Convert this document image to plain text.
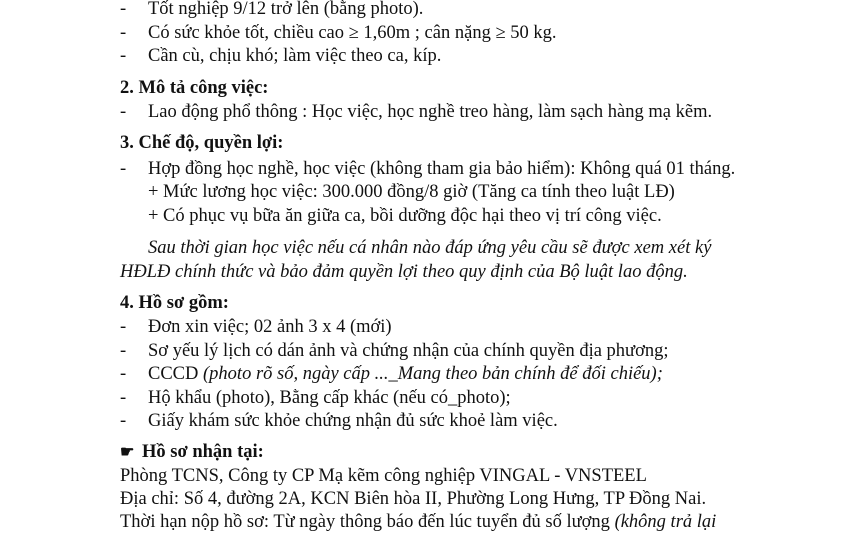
- Tốt nghiệp 9/12 trở lên (bằng photo).
- Có sức khỏe tốt, chiều cao ≥ 1,60m ; cân nặng ≥ 50 kg.
- Cần cù, chịu khó; làm việc theo ca, kíp.
2. Mô tả công việc:
- Lao động phổ thông : Học việc, học nghề treo hàng, làm sạch hàng mạ kẽm.
3. Chế độ, quyền lợi:
- Hợp đồng học nghề, học việc (không tham gia bảo hiểm): Không quá 01 tháng.
+ Mức lương học việc: 300.000 đồng/8 giờ (Tăng ca tính theo luật LĐ)
+ Có phục vụ bữa ăn giữa ca, bồi dưỡng độc hại theo vị trí công việc.
Sau thời gian học việc nếu cá nhân nào đáp ứng yêu cầu sẽ được xem xét ký
HĐLĐ chính thức và bảo đảm quyền lợi theo quy định của Bộ luật lao động.
4. Hồ sơ gồm:
- Đơn xin việc; 02 ảnh 3 x 4 (mới)
- Sơ yếu lý lịch có dán ảnh và chứng nhận của chính quyền địa phương;
- CCCD (photo rõ số, ngày cấp ..._Mang theo bản chính để đối chiếu);
- Hộ khẩu (photo), Bằng cấp khác (nếu có_photo);
- Giấy khám sức khỏe chứng nhận đủ sức khoẻ làm việc.
☛ Hồ sơ nhận tại:
Phòng TCNS, Công ty CP Mạ kẽm công nghiệp VINGAL - VNSTEEL
Địa chỉ: Số 4, đường 2A, KCN Biên hòa II, Phường Long Hưng, TP Đồng Nai.
Thời hạn nộp hồ sơ: Từ ngày thông báo đến lúc tuyển đủ số lượng (không trả lại
